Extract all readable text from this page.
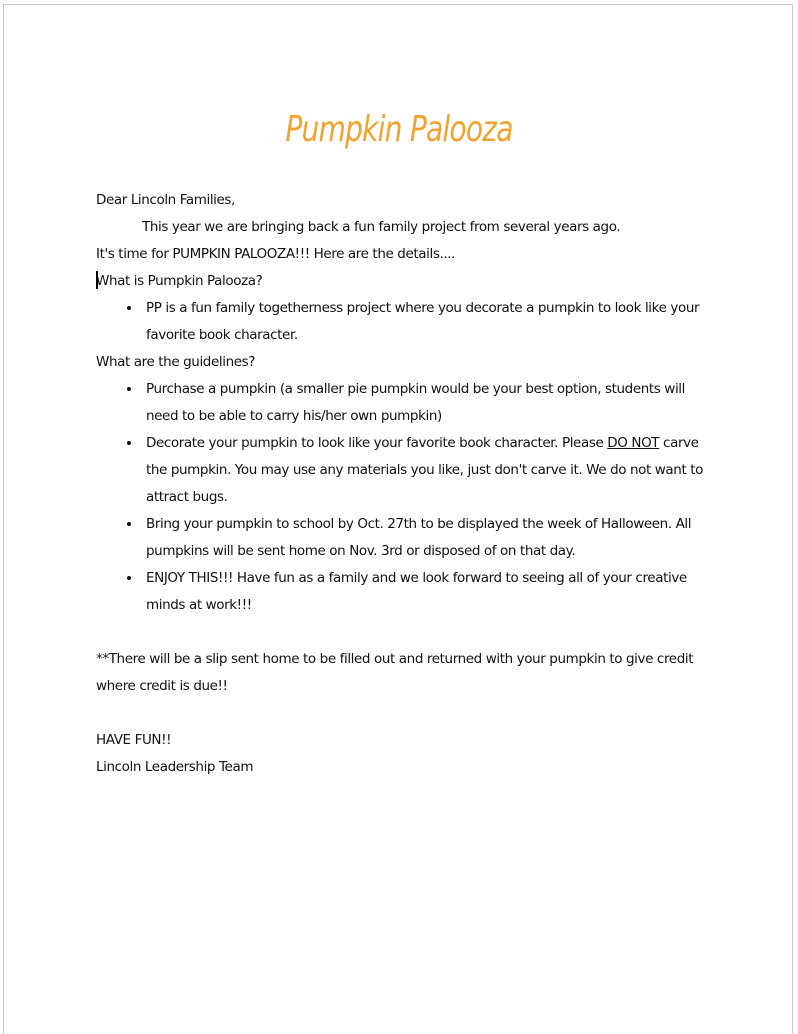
Pumpkin Palooza

Dear Lincoln Families,

This year we are bringing back a fun family project from several years ago.

It's time for PUMPKIN PALOOZA!!! Here are the details....

What is Pumpkin Palooza?

• PP is a fun family togetherness project where you decorate a pumpkin to look like your favorite book character.

What are the guidelines?

• Purchase a pumpkin (a smaller pie pumpkin would be your best option, students will need to be able to carry his/her own pumpkin)
• Decorate your pumpkin to look like your favorite book character. Please DO NOT carve the pumpkin. You may use any materials you like, just don't carve it. We do not want to attract bugs.
• Bring your pumpkin to school by Oct. 27th to be displayed the week of Halloween. All pumpkins will be sent home on Nov. 3rd or disposed of on that day.
• ENJOY THIS!!! Have fun as a family and we look forward to seeing all of your creative minds at work!!!

**There will be a slip sent home to be filled out and returned with your pumpkin to give credit where credit is due!!

HAVE FUN!!

Lincoln Leadership Team
